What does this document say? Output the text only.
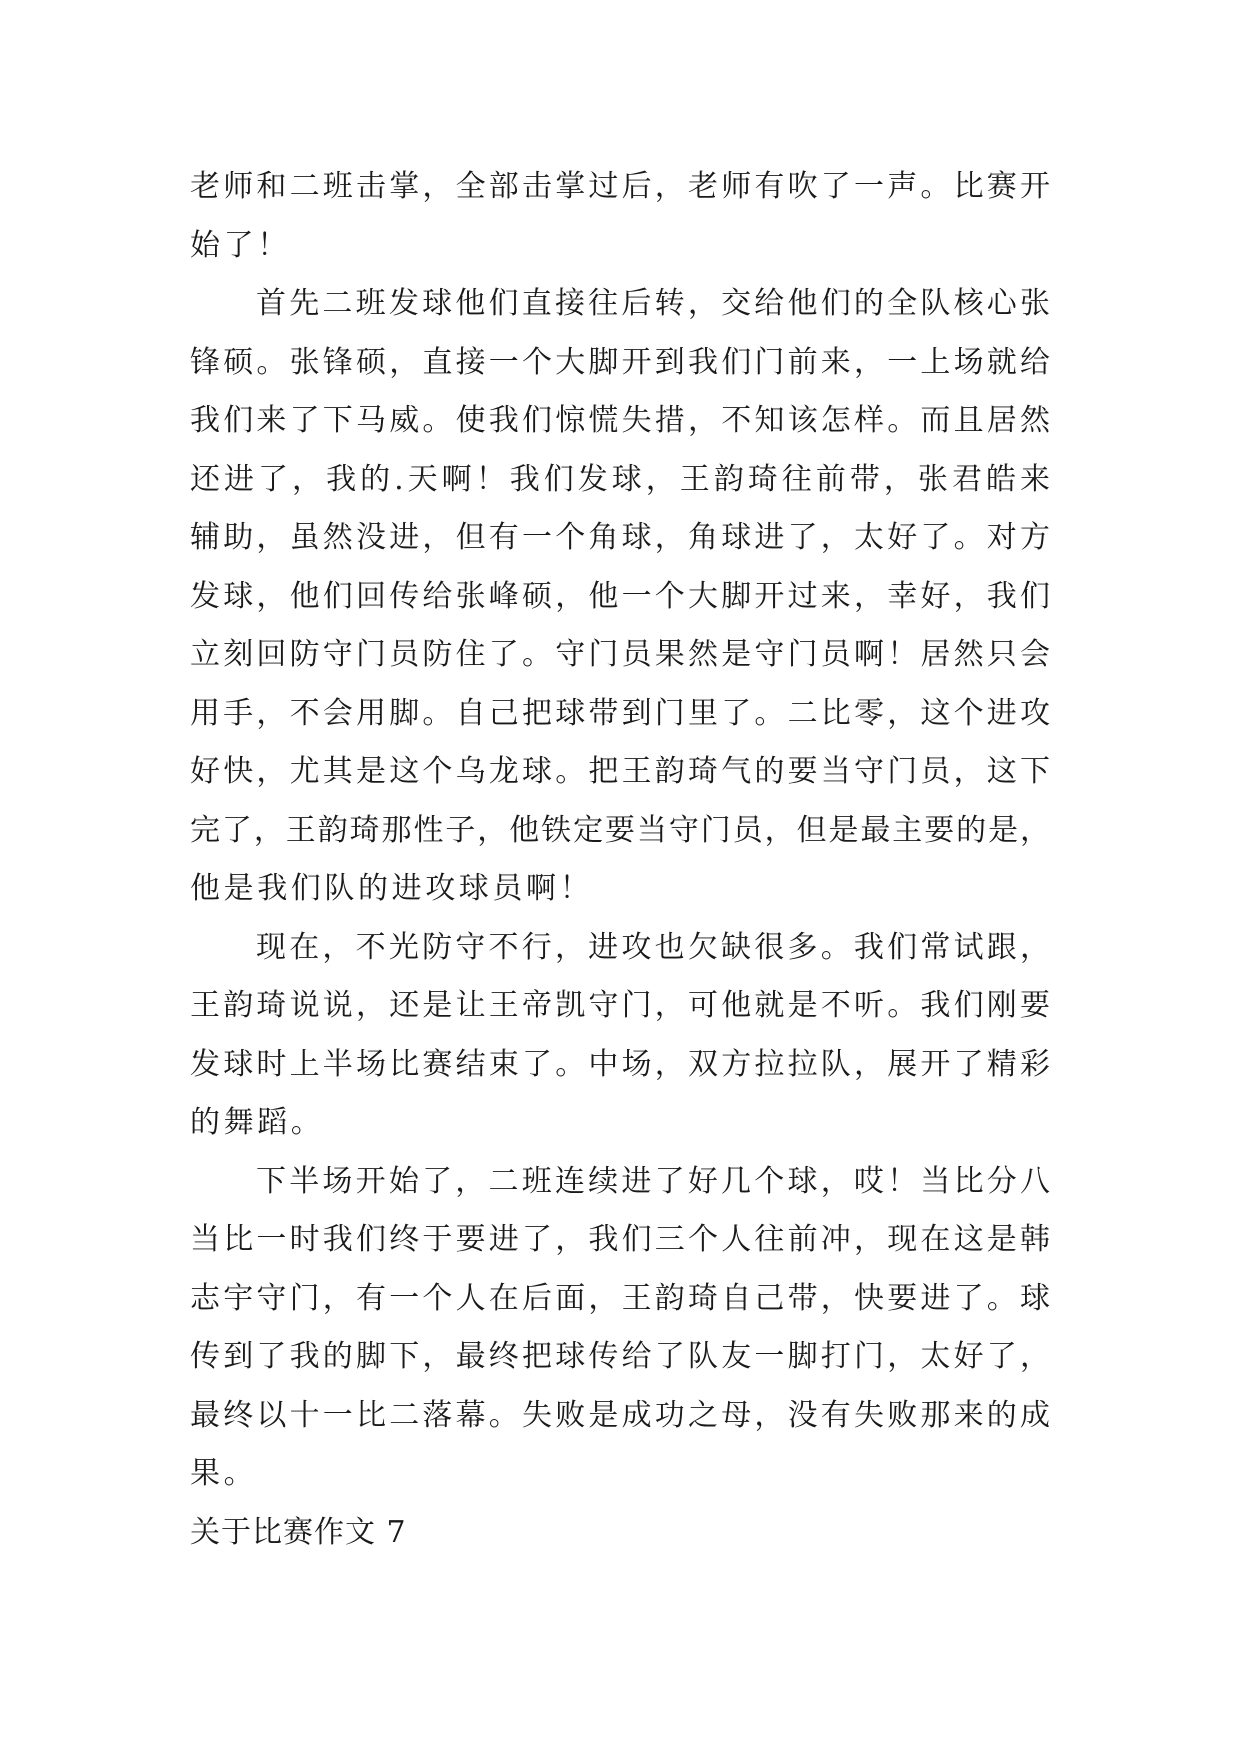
老师和二班击掌，全部击掌过后，老师有吹了一声。比赛开
始了！
首先二班发球他们直接往后转，交给他们的全队核心张
锋硕。张锋硕，直接一个大脚开到我们门前来，一上场就给
我们来了下马威。使我们惊慌失措，不知该怎样。而且居然
还进了，我的.天啊！我们发球，王韵琦往前带，张君皓来
辅助，虽然没进，但有一个角球，角球进了，太好了。对方
发球，他们回传给张峰硕，他一个大脚开过来，幸好，我们
立刻回防守门员防住了。守门员果然是守门员啊！居然只会
用手，不会用脚。自己把球带到门里了。二比零，这个进攻
好快，尤其是这个乌龙球。把王韵琦气的要当守门员，这下
完了，王韵琦那性子，他铁定要当守门员，但是最主要的是，
他是我们队的进攻球员啊！
现在，不光防守不行，进攻也欠缺很多。我们常试跟，
王韵琦说说，还是让王帝凯守门，可他就是不听。我们刚要
发球时上半场比赛结束了。中场，双方拉拉队，展开了精彩
的舞蹈。
下半场开始了，二班连续进了好几个球，哎！当比分八
当比一时我们终于要进了，我们三个人往前冲，现在这是韩
志宇守门，有一个人在后面，王韵琦自己带，快要进了。球
传到了我的脚下，最终把球传给了队友一脚打门，太好了，
最终以十一比二落幕。失败是成功之母，没有失败那来的成
果。
关于比赛作文 7
